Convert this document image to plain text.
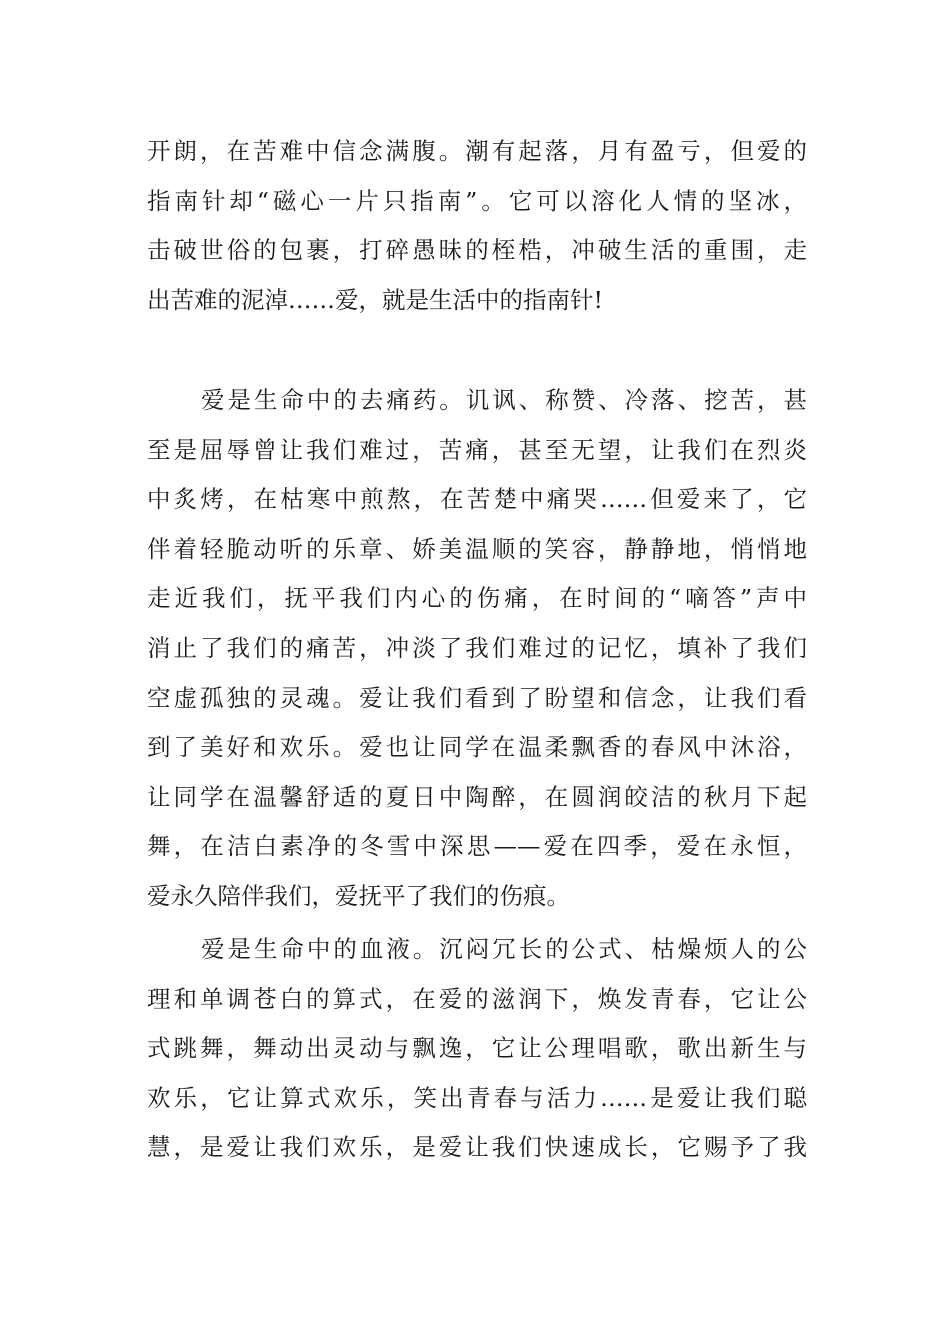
开朗，在苦难中信念满腹。潮有起落，月有盈亏，但爱的
指南针却“磁心一片只指南”。它可以溶化人情的坚冰，
击破世俗的包裹，打碎愚昧的桎梏，冲破生活的重围，走
出苦难的泥淖……爱，就是生活中的指南针!
爱是生命中的去痛药。讥讽、称赞、冷落、挖苦，甚
至是屈辱曾让我们难过，苦痛，甚至无望，让我们在烈炎
中炙烤，在枯寒中煎熬，在苦楚中痛哭……但爱来了，它
伴着轻脆动听的乐章、娇美温顺的笑容，静静地，悄悄地
走近我们，抚平我们内心的伤痛，在时间的“嘀答”声中
消止了我们的痛苦，冲淡了我们难过的记忆，填补了我们
空虚孤独的灵魂。爱让我们看到了盼望和信念，让我们看
到了美好和欢乐。爱也让同学在温柔飘香的春风中沐浴，
让同学在温馨舒适的夏日中陶醉，在圆润皎洁的秋月下起
舞，在洁白素净的冬雪中深思——爱在四季，爱在永恒，
爱永久陪伴我们，爱抚平了我们的伤痕。
爱是生命中的血液。沉闷冗长的公式、枯燥烦人的公
理和单调苍白的算式，在爱的滋润下，焕发青春，它让公
式跳舞，舞动出灵动与飘逸，它让公理唱歌，歌出新生与
欢乐，它让算式欢乐，笑出青春与活力……是爱让我们聪
慧，是爱让我们欢乐，是爱让我们快速成长，它赐予了我
